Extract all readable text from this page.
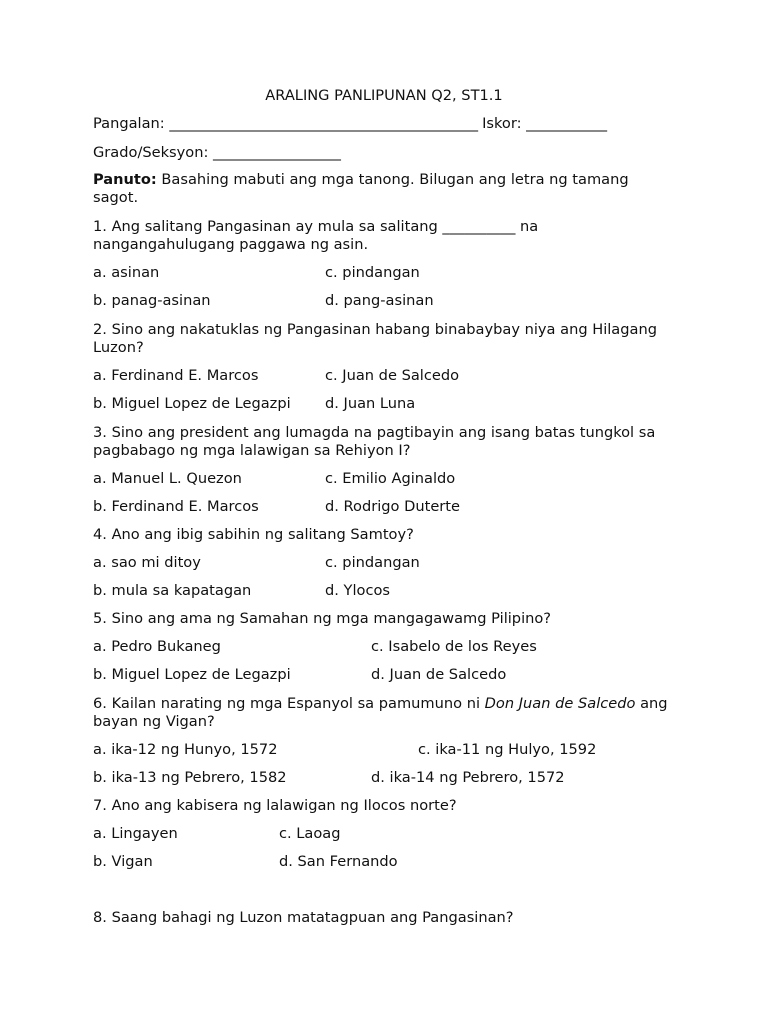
ARALING PANLIPUNAN Q2, ST1.1
Pangalan: ______________________________________________ Iskor: ____________
Grado/Seksyon: ___________________
Panuto: Basahing mabuti ang mga tanong. Bilugan ang letra ng tamang sagot.
1. Ang salitang Pangasinan ay mula sa salitang __________ na nangangahulugang paggawa ng asin.
a. asinan	c. pindangan
b. panag-asinan	d. pang-asinan
2. Sino ang nakatuklas ng Pangasinan habang binabaybay niya ang Hilagang Luzon?
a. Ferdinand E. Marcos	c. Juan de Salcedo
b. Miguel Lopez de Legazpi d. Juan Luna
3. Sino ang president ang lumagda na pagtibayin ang isang batas tungkol sa pagbabago ng mga lalawigan sa Rehiyon I?
a. Manuel L. Quezon	c. Emilio Aginaldo
b. Ferdinand E. Marcos	d. Rodrigo Duterte
4. Ano ang ibig sabihin ng salitang Samtoy?
a. sao mi ditoy	c. pindangan
b. mula sa kapatagan	d. Ylocos
5. Sino ang ama ng Samahan ng mga mangagawamg Pilipino?
a. Pedro Bukaneg	c. Isabelo de los Reyes
b. Miguel Lopez de Legazpi	d. Juan de Salcedo
6. Kailan narating ng mga Espanyol sa pamumuno ni Don Juan de Salcedo ang bayan ng Vigan?
a. ika-12 ng Hunyo, 1572	c. ika-11 ng Hulyo, 1592
b. ika-13 ng Pebrero, 1582	d. ika-14 ng Pebrero, 1572
7. Ano ang kabisera ng lalawigan ng Ilocos norte?
a. Lingayen	c. Laoag
b. Vigan	d. San Fernando
8. Saang bahagi ng Luzon matatagpuan ang Pangasinan?
